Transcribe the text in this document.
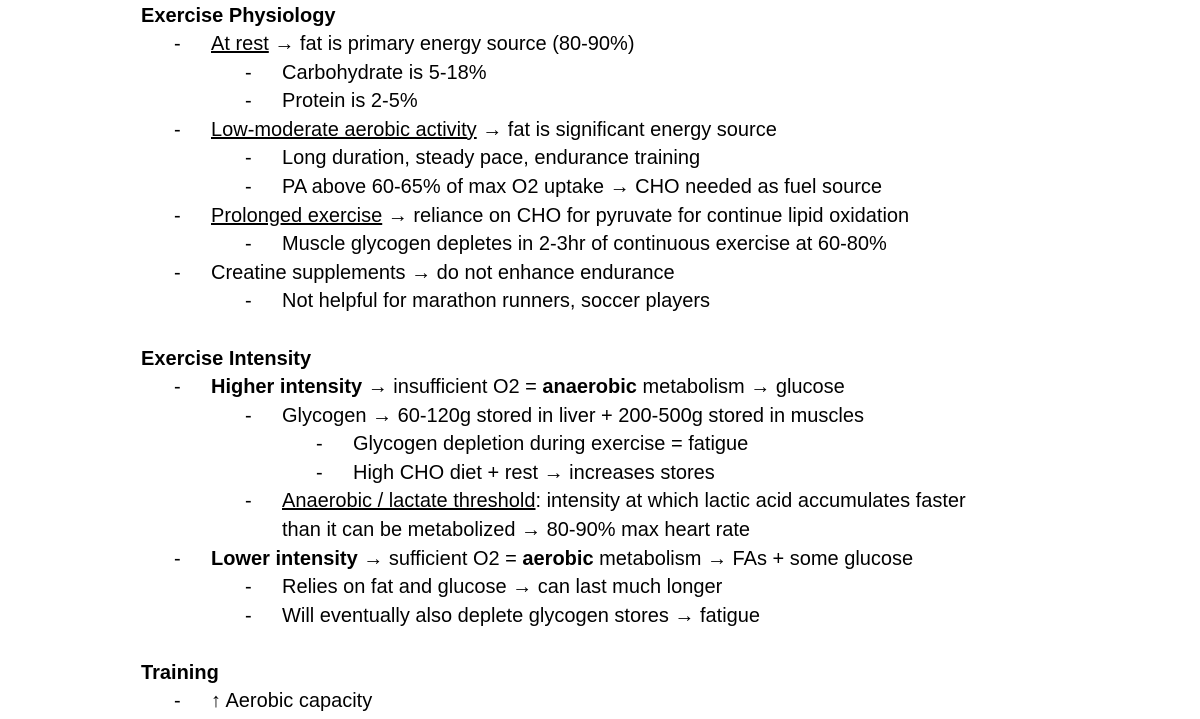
Exercise Physiology
- At rest → fat is primary energy source (80-90%)
- Carbohydrate is 5-18%
- Protein is 2-5%
- Low-moderate aerobic activity → fat is significant energy source
- Long duration, steady pace, endurance training
- PA above 60-65% of max O2 uptake → CHO needed as fuel source
- Prolonged exercise → reliance on CHO for pyruvate for continue lipid oxidation
- Muscle glycogen depletes in 2-3hr of continuous exercise at 60-80%
- Creatine supplements → do not enhance endurance
- Not helpful for marathon runners, soccer players
Exercise Intensity
- Higher intensity → insufficient O2 = anaerobic metabolism → glucose
- Glycogen → 60-120g stored in liver + 200-500g stored in muscles
- Glycogen depletion during exercise = fatigue
- High CHO diet + rest → increases stores
- Anaerobic / lactate threshold: intensity at which lactic acid accumulates faster
than it can be metabolized → 80-90% max heart rate
- Lower intensity → sufficient O2 = aerobic metabolism → FAs + some glucose
- Relies on fat and glucose → can last much longer
- Will eventually also deplete glycogen stores → fatigue
Training
- ↑ Aerobic capacity
